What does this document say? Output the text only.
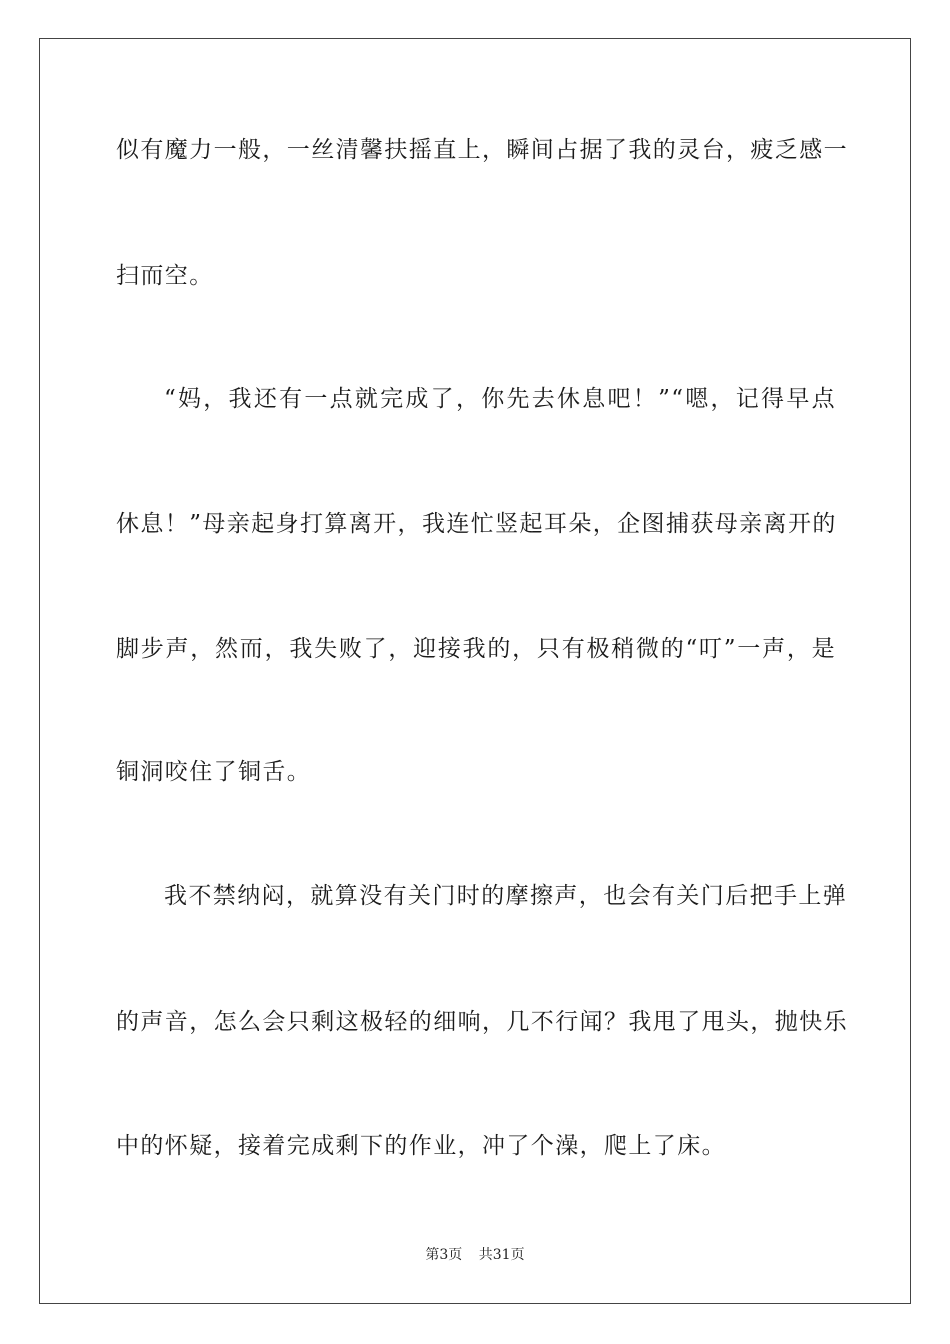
似有魔力一般，一丝清馨扶摇直上，瞬间占据了我的灵台，疲乏感一
扫而空。
“妈，我还有一点就完成了，你先去休息吧！”“嗯，记得早点
休息！”母亲起身打算离开，我连忙竖起耳朵，企图捕获母亲离开的
脚步声，然而，我失败了，迎接我的，只有极稍微的“叮”一声，是
铜洞咬住了铜舌。
我不禁纳闷，就算没有关门时的摩擦声，也会有关门后把手上弹
的声音，怎么会只剩这极轻的细响，几不行闻？我甩了甩头，抛快乐
中的怀疑，接着完成剩下的作业，冲了个澡，爬上了床。
第3页 共31页
